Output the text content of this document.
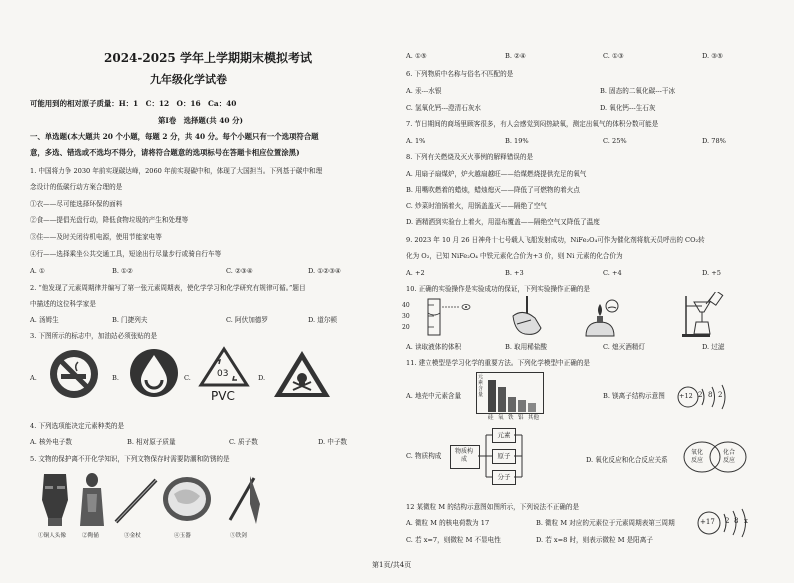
2024-2025 学年上学期期末模拟考试
九年级化学试卷
可能用到的相对原子质量：H：1　C：12　O：16　Ca：40
第Ⅰ卷　选择题(共 40 分)
一、单选题(本大题共 20 个小题，每题 2 分，共 40 分。每个小题只有一个选项符合题
意，多选、错选或不选均不得分，请将符合题意的选项标号在答题卡相应位置涂黑)
1. 中国将力争 2030 年前实现碳达峰，2060 年前实现碳中和，体现了大国担当。下列基于碳中和理
念设计的低碳行动方案合理的是
①衣——尽可能选择环保的面料
②食——提倡光盘行动，降低食物垃圾的产生和处理等
③住——及时关闭待机电源，使用节能家电等
④行——选择乘坐公共交通工具，短途出行尽量步行或骑自行车等
A. ①	B. ①②	C. ②③④	D. ①②③④
2. “他发现了元素周期律并编写了第一张元素周期表，使化学学习和化学研究有规律可循。”题目
中描述的这位科学家是
A. 汤姆生	B. 门捷列夫	C. 阿伏加德罗	D. 道尔顿
3. 下图所示的标志中，加油站必须张贴的是
A.	B.	C.	03
PVC
D.
4. 下列选项能决定元素种类的是
A. 核外电子数	B. 相对原子质量	C. 质子数	D. 中子数
5. 文物的保护离不开化学知识，下列文物保存时需要防潮和防锈的是
①铜人头像	②陶俑	③金杖	④玉器	⑤铁剑
A. ①⑤	B. ②④	C. ①③	D. ③⑤
6. 下列物质中名称与俗名不匹配的是
A. 汞---水银	B. 固态的二氧化碳---干冰
C. 氢氧化钙---澄清石灰水	D. 氧化钙---生石灰
7. 节日期间的商场里顾客很多，有人会感觉到闷热缺氧，测定出氧气的体积分数可能是
A. 1%	B. 19%	C. 25%	D. 78%
8. 下列有关燃烧及灭火事例的解释错误的是
A. 用扇子扇煤炉，炉火越扇越旺——给煤燃烧提供充足的氧气
B. 用嘴吹燃着的蜡烛，蜡烛熄灭——降低了可燃物的着火点
C. 炒菜时油锅着火，用锅盖盖灭——隔绝了空气
D. 酒精洒到实验台上着火，用湿布覆盖——隔绝空气又降低了温度
9. 2023 年 10 月 26 日神舟十七号载人飞船发射成功，NiFe₂O₄可作为催化剂将航天员呼出的 CO₂转
化为 O₂，已知 NiFe₂O₄ 中铁元素化合价为+3 价，则 Ni 元素的化合价为
A. +2	B. +3	C. +4	D. +5
10. 正确的实验操作是实验成功的保证，下列实验操作正确的是
40
30
20
A. 读取液体的体积	B. 取用稀盐酸	C. 熄灭酒精灯	D. 过滤
11. 建立模型是学习化学的重要方法。下列化学模型中正确的是
A. 地壳中元素含量
元素含量
硅 氧 铁 铝 其他
B. 镁离子结构示意图 +12 2 8 2
C. 物质构成
物质构成
元素
原子
分子
D. 氧化反应和化合反应关系
氧化反应
化合反应
12 某微粒 M 的结构示意图如图所示，下列说法不正确的是
+17 2 8 x
A. 微粒 M 的核电荷数为 17	B. 微粒 M 对应的元素位于元素周期表第三周期
C. 若 x=7，则微粒 M 不显电性	D. 若 x=8 时，则表示微粒 M 是阳离子
第1页/共4页
